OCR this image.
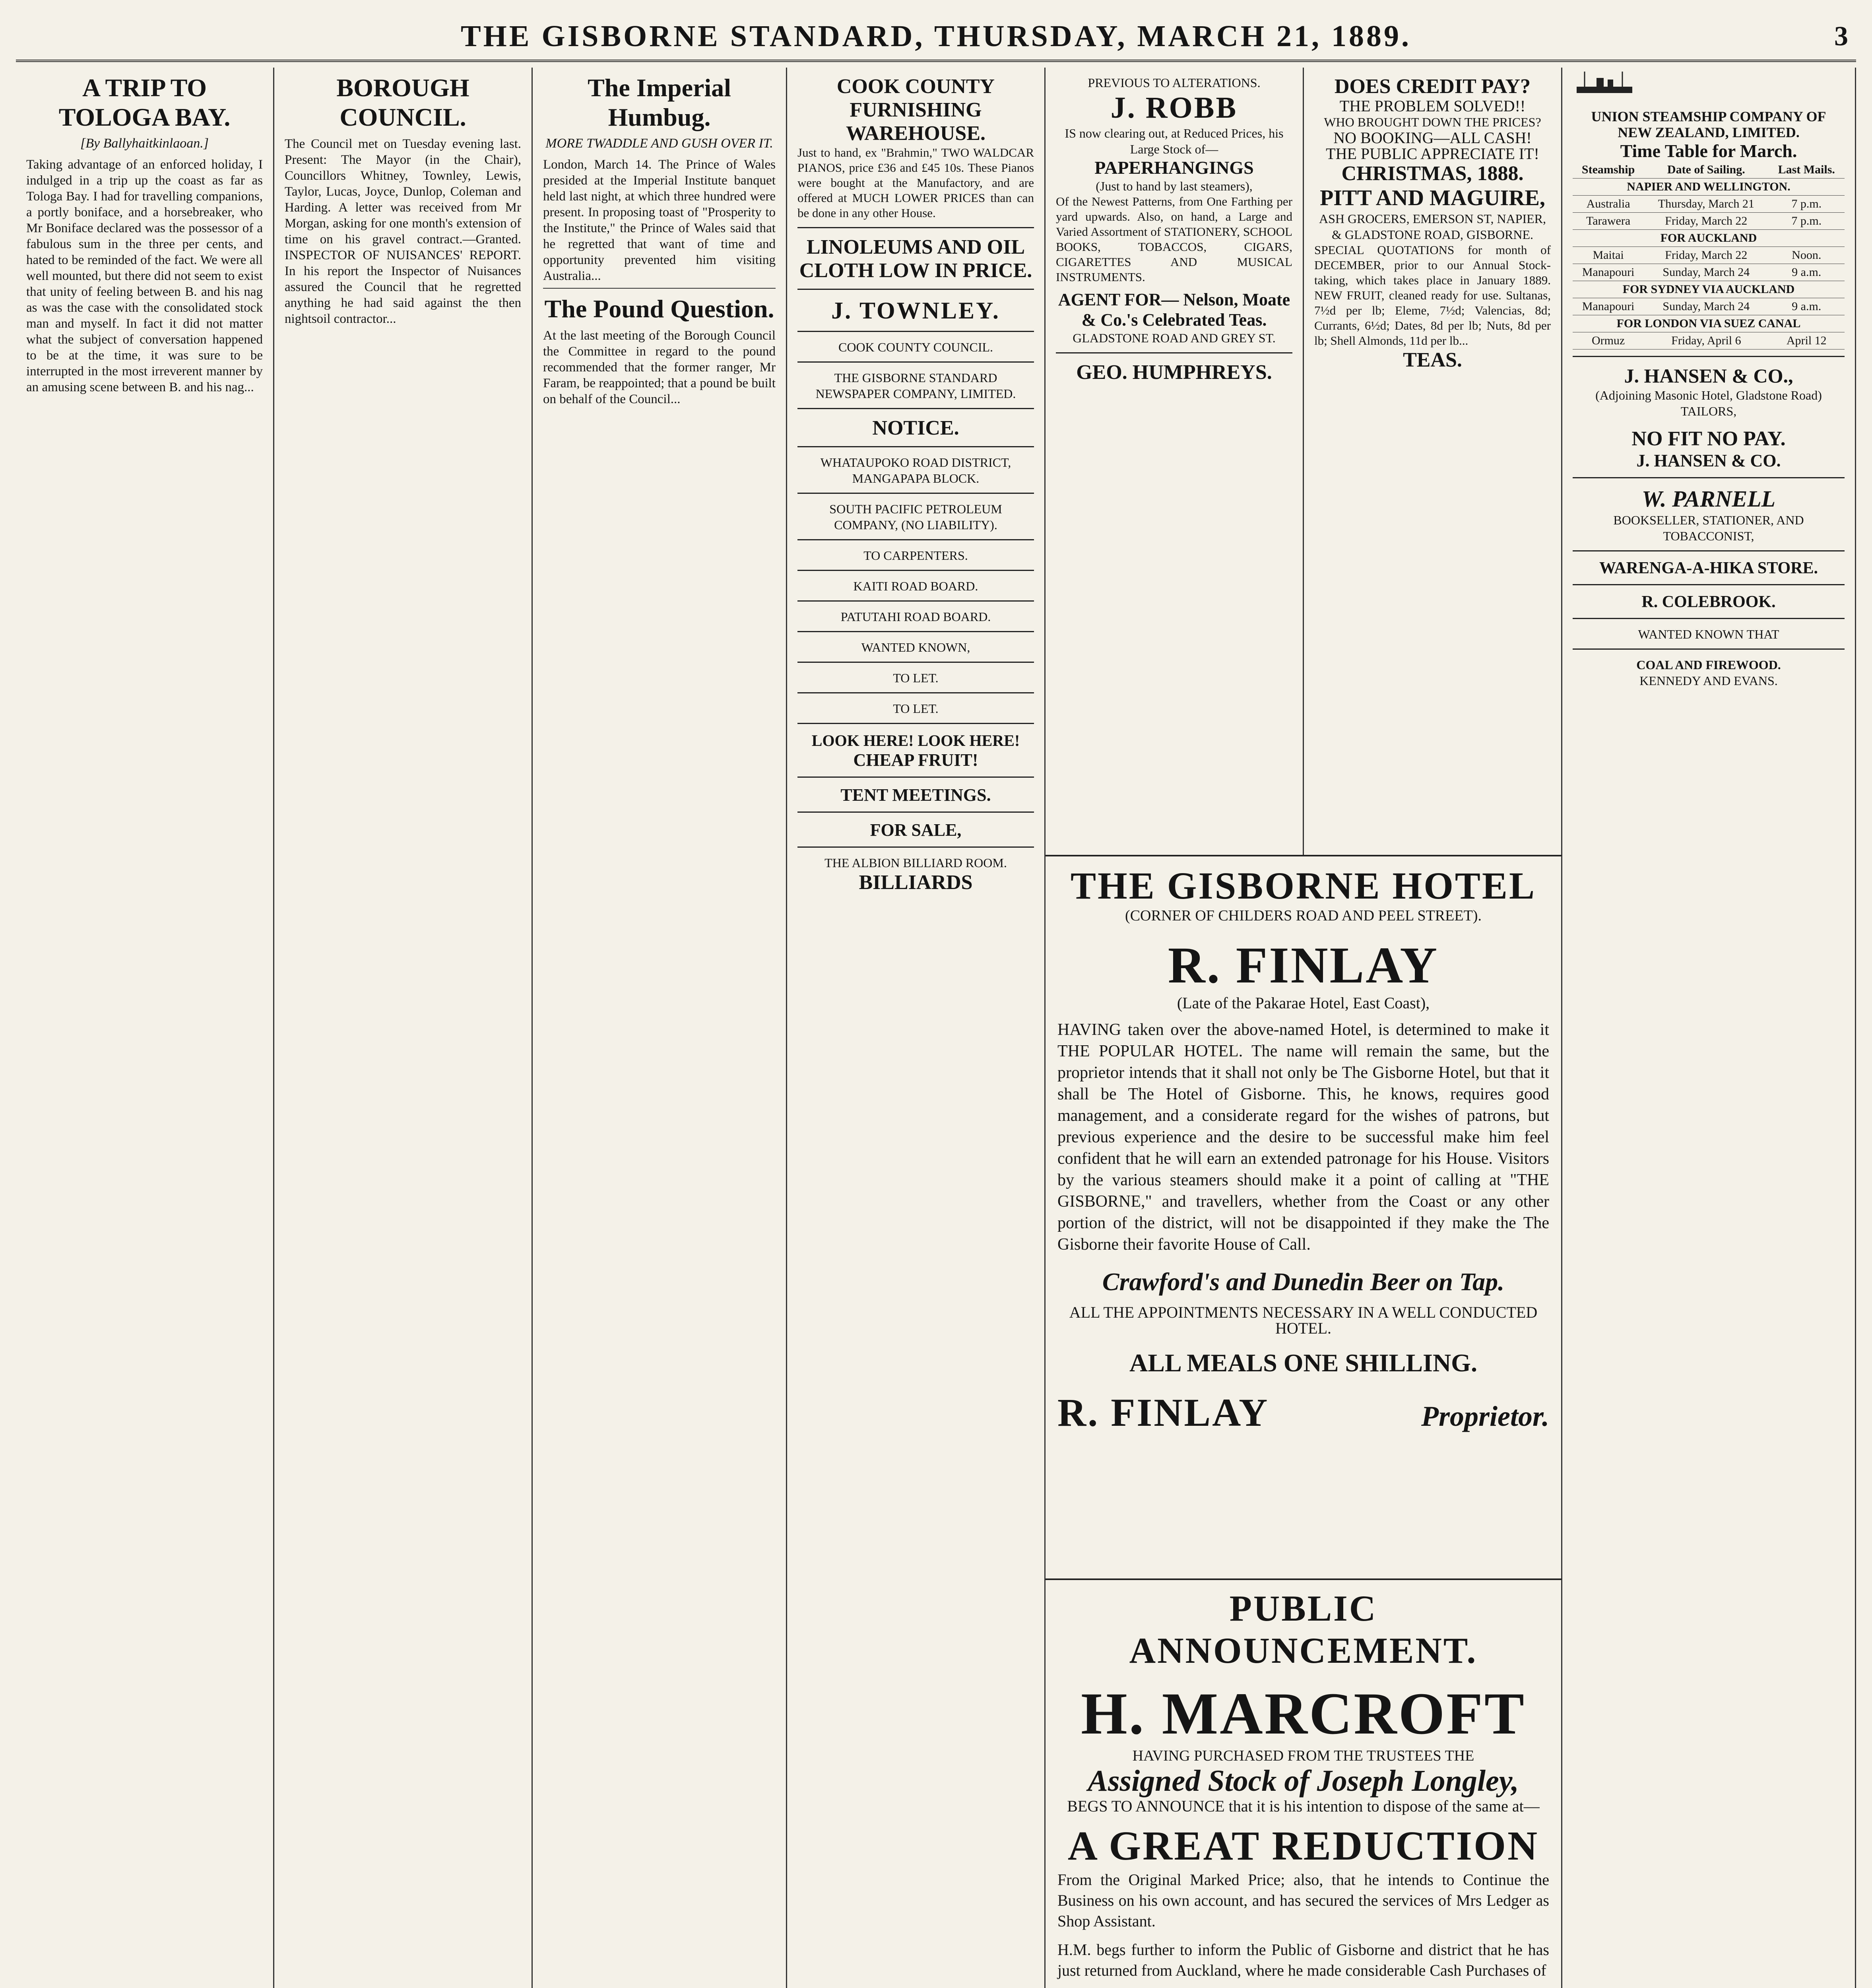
THE GISBORNE STANDARD, THURSDAY, MARCH 21, 1889.	3
A TRIP TO TOLOGA BAY.
[By Ballyhaitkinlaoan.]
Taking advantage of an enforced holiday, I indulged in a trip up the coast as far as Tologa Bay. I had for travelling companions, a portly boniface, and a horsebreaker, who Mr Boniface declared was the possessor of a fabulous sum in the three per cents, and hated to be reminded of the fact. We were all well mounted, but there did not seem to exist that unity of feeling between B. and his nag as was the case with the consolidated stock man and myself. In fact it did not matter what the subject of conversation happened to be at the time, it was sure to be interrupted in the most irreverent manner by an amusing scene between B. and his nag...
BOROUGH COUNCIL.
The Council met on Tuesday evening last. Present: The Mayor (in the Chair), Councillors Whitney, Townley, Lewis, Taylor, Lucas, Joyce, Dunlop, Coleman and Harding. A letter was received from Mr Morgan, asking for one month's extension of time on his gravel contract.—Granted. INSPECTOR OF NUISANCES' REPORT. In his report the Inspector of Nuisances assured the Council that he regretted anything he had said against the then nightsoil contractor...
The Imperial Humbug.
MORE TWADDLE AND GUSH OVER IT.
London, March 14. The Prince of Wales presided at the Imperial Institute banquet held last night, at which three hundred were present. In proposing toast of "Prosperity to the Institute," the Prince of Wales said that he regretted that want of time and opportunity prevented him visiting Australia...
The Pound Question.
At the last meeting of the Borough Council the Committee in regard to the pound recommended that the former ranger, Mr Faram, be reappointed; that a pound be built on behalf of the Council...
COOK COUNTY FURNISHING WAREHOUSE.
Just to hand, ex "Brahmin," TWO WALDCAR PIANOS, price £36 and £45 10s. These Pianos were bought at the Manufactory, and are offered at MUCH LOWER PRICES than can be done in any other House.
LINOLEUMS AND OIL CLOTH LOW IN PRICE.
J. TOWNLEY.
COOK COUNTY COUNCIL.
THE GISBORNE STANDARD NEWSPAPER COMPANY, LIMITED.
NOTICE.
WHATAUPOKO ROAD DISTRICT, MANGAPAPA BLOCK.
SOUTH PACIFIC PETROLEUM COMPANY, (NO LIABILITY).
TO CARPENTERS.
KAITI ROAD BOARD.
PATUTAHI ROAD BOARD.
WANTED KNOWN,
TO LET.
TO LET.
LOOK HERE! LOOK HERE!
CHEAP FRUIT!
TENT MEETINGS.
FOR SALE,
THE ALBION BILLIARD ROOM.
BILLIARDS
PREVIOUS TO ALTERATIONS.
J. ROBB
IS now clearing out, at Reduced Prices, his Large Stock of—
PAPERHANGINGS
(Just to hand by last steamers),
Of the Newest Patterns, from One Farthing per yard upwards. Also, on hand, a Large and Varied Assortment of STATIONERY, SCHOOL BOOKS, TOBACCOS, CIGARS, CIGARETTES AND MUSICAL INSTRUMENTS.
AGENT FOR— Nelson, Moate & Co.'s Celebrated Teas.
GLADSTONE ROAD AND GREY ST.
GEO. HUMPHREYS.
DOES CREDIT PAY?
THE PROBLEM SOLVED!!
WHO BROUGHT DOWN THE PRICES?
NO BOOKING—ALL CASH!
THE PUBLIC APPRECIATE IT!
CHRISTMAS, 1888.
PITT AND MAGUIRE,
ASH GROCERS, EMERSON ST, NAPIER, & GLADSTONE ROAD, GISBORNE.
SPECIAL QUOTATIONS for month of DECEMBER, prior to our Annual Stock-taking, which takes place in January 1889. NEW FRUIT, cleaned ready for use. Sultanas, 7½d per lb; Eleme, 7½d; Valencias, 8d; Currants, 6½d; Dates, 8d per lb; Nuts, 8d per lb; Shell Almonds, 11d per lb...
TEAS.
UNION STEAMSHIP COMPANY OF NEW ZEALAND, LIMITED.
Time Table for March.
Steamship	Date of Sailing.	Last Mails.
NAPIER AND WELLINGTON.		
Australia	Thursday, March 21	7 p.m.
Tarawera	Friday, March 22	7 p.m.
FOR AUCKLAND		
Maitai	Friday, March 22	Noon.
Manapouri	Sunday, March 24	9 a.m.
FOR SYDNEY VIA AUCKLAND		
Manapouri	Sunday, March 24	9 a.m.
FOR LONDON VIA SUEZ CANAL		
Ormuz	Friday, April 6	April 12
J. HANSEN & CO.,
(Adjoining Masonic Hotel, Gladstone Road) TAILORS,
NO FIT NO PAY.
J. HANSEN & CO.
W. PARNELL
BOOKSELLER, STATIONER, AND TOBACCONIST,
WARENGA-A-HIKA STORE.
R. COLEBROOK.
WANTED KNOWN THAT
COAL AND FIREWOOD.
KENNEDY AND EVANS.
THE GISBORNE HOTEL
(CORNER OF CHILDERS ROAD AND PEEL STREET).
R. FINLAY
(Late of the Pakarae Hotel, East Coast),
HAVING taken over the above-named Hotel, is determined to make it THE POPULAR HOTEL. The name will remain the same, but the proprietor intends that it shall not only be The Gisborne Hotel, but that it shall be The Hotel of Gisborne. This, he knows, requires good management, and a considerate regard for the wishes of patrons, but previous experience and the desire to be successful make him feel confident that he will earn an extended patronage for his House. Visitors by the various steamers should make it a point of calling at "THE GISBORNE," and travellers, whether from the Coast or any other portion of the district, will not be disappointed if they make the The Gisborne their favorite House of Call.
Crawford's and Dunedin Beer on Tap.
ALL THE APPOINTMENTS NECESSARY IN A WELL CONDUCTED HOTEL.
ALL MEALS ONE SHILLING.
R. FINLAY	Proprietor.
PUBLIC ANNOUNCEMENT.
H. MARCROFT
HAVING PURCHASED FROM THE TRUSTEES THE
Assigned Stock of Joseph Longley,
BEGS TO ANNOUNCE that it is his intention to dispose of the same at—
A GREAT REDUCTION
From the Original Marked Price; also, that he intends to Continue the Business on his own account, and has secured the services of Mrs Ledger as Shop Assistant.
H.M. begs further to inform the Public of Gisborne and district that he has just returned from Auckland, where he made considerable Cash Purchases of
